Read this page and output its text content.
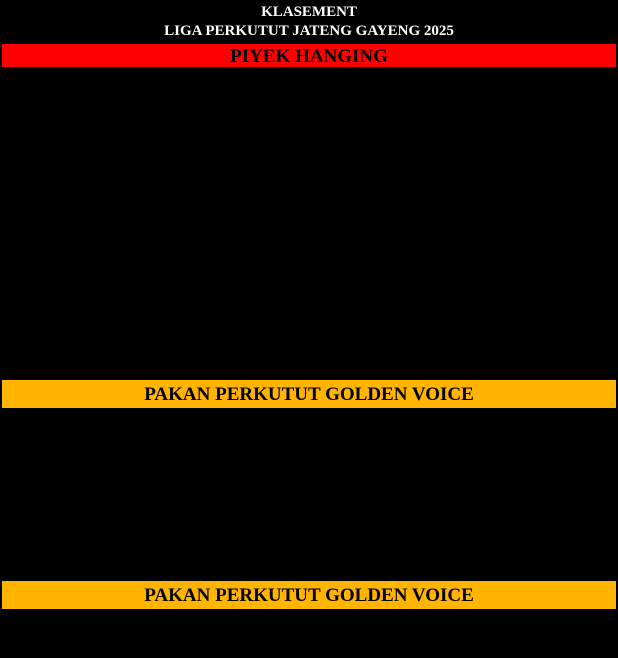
KLASEMENT
LIGA PERKUTUT JATENG GAYENG 2025
PIYEK HANGING
NO	NAMA PEMILIK	ALAMAT	POIN	L1	L2	L3	L4	L5	L6	L7
1	DEDE PRIMARASA	BANDUNG			230					
2	SANIMAN	KUDUS	430	90	30	50	20	80	70	90
3	TEAM CHELSEA & GOENDUL	SURABAYA	370				50	160		
4	PLH BF	CILACAP	350				30	80	90	150
5	AWONG	SURABAYA		150		150				
	KENT BF	YOGYA		110	50	130				
	SIGIT	SRAGEN	30							
	H ABDULLAH M. FAISOL	MALANG			200					
	SADEWA BF	KULON PROGO	150				150			
	SANTOSO	BANDUNGAN	150	40	40	70				
	DR YUDHA	TEGAL	130							
	H IWAN	MAJALENGKA			130					
	HENRY TANGKER	BOYOLALI	130					130		
	AGUS TARDI	TANJUNG PINANG	130							130
	ABDUL BADI	TEMANGGUNG				110				
	H SUPRIADI	KEBUMEN	110				110			
PAKAN PERKUTUT GOLDEN VOICE
	H YUDI	JEPARA	110					110		
	LUKMAN	KARTOSURO	110						110	
	SUTARYONO	YOGYA				90				
	BMS BF	CILACAP	90				90			
	ALLONSO	CIREBON		80						
	ABDUL SHOLEH	BATANG				80				
	EDI EGT	PURWOREJO	80				80			
	WAWAN TGM	CIREBON	80							
	DALDIRI	SALATIGA	80							80
PAKAN PERKUTUT GOLDEN VOICE
